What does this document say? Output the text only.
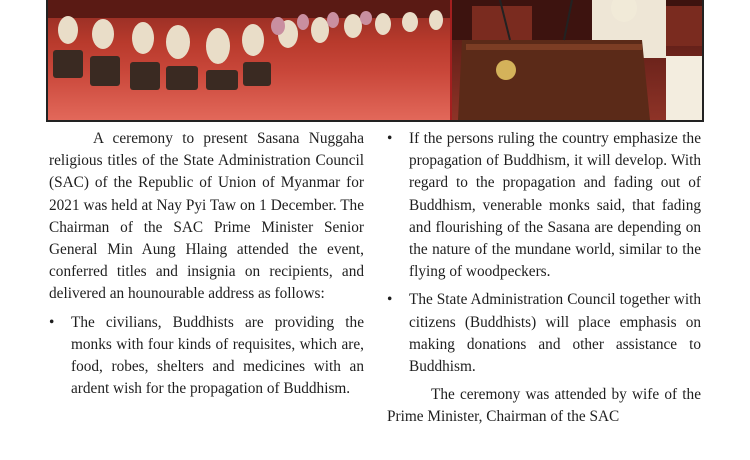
A ceremony to present Sasana Nuggaha religious titles of the State Administration Council (SAC) of the Republic of Union of Myanmar for 2021 was held at Nay Pyi Taw on 1 December. The Chairman of the SAC Prime Minister Senior General Min Aung Hlaing attended the event, conferred titles and insignia on recipients, and delivered an hounourable address as follows:

• The civilians, Buddhists are providing the monks with four kinds of requisites, which are, food, robes, shelters and medicines with an ardent wish for the propagation of Buddhism.
• If the persons ruling the country emphasize the propagation of Buddhism, it will develop. With regard to the propagation and fading out of Buddhism, venerable monks said, that fading and flourishing of the Sasana are depending on the nature of the mundane world, similar to the flying of woodpeckers.
• The State Administration Council together with citizens (Buddhists) will place emphasis on making donations and other assistance to Buddhism.

The ceremony was attended by wife of the Prime Minister, Chairman of the SAC
